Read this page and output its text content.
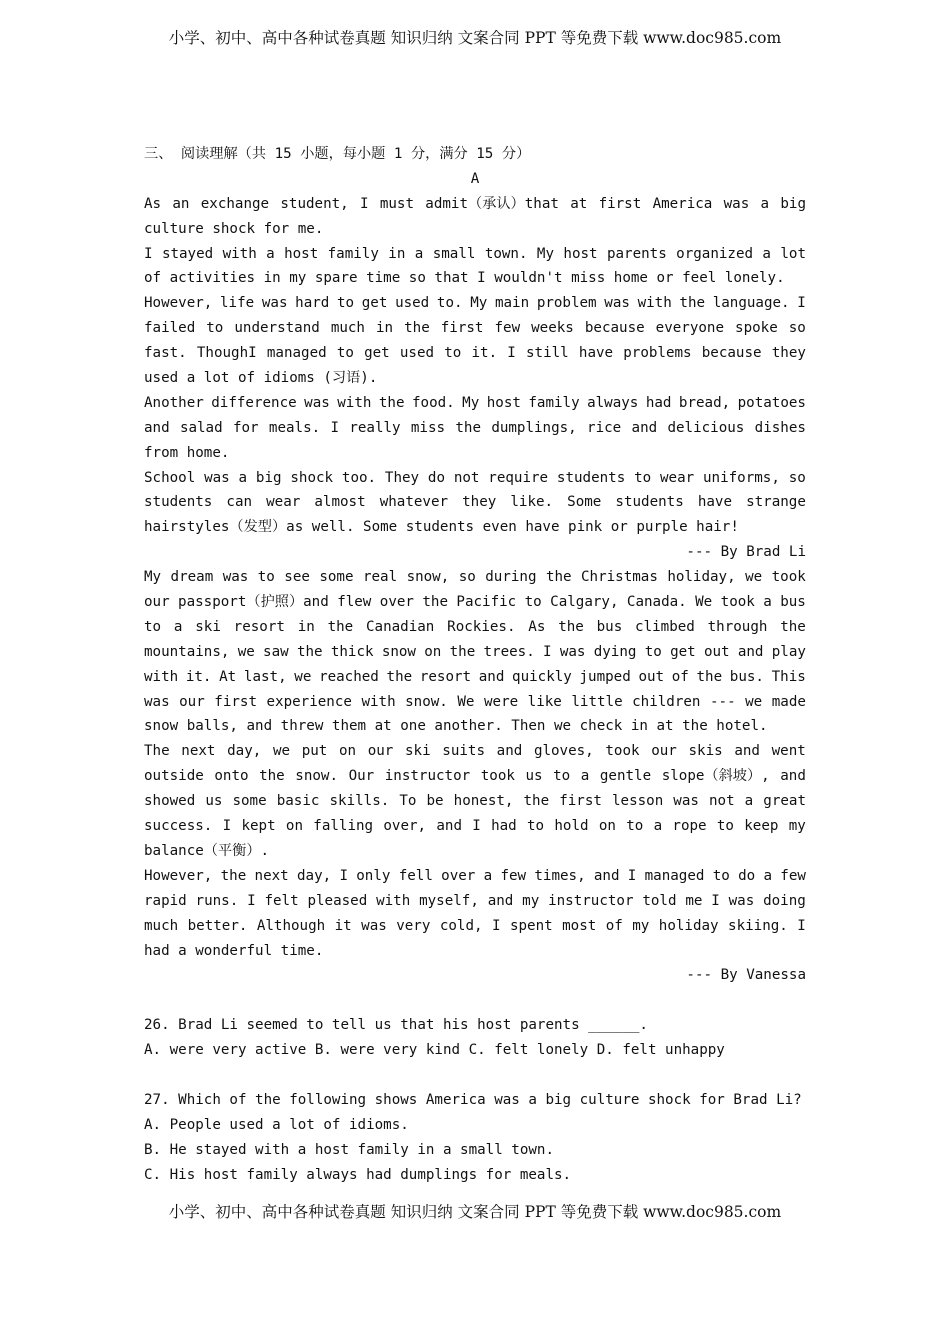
小学、初中、高中各种试卷真题 知识归纳 文案合同 PPT 等免费下载 www.doc985.com
三、 阅读理解（共 15 小题，每小题 1 分，满分 15 分）
A
As an exchange student, I must admit（承认）that at first America was a big
culture shock for me.
I stayed with a host family in a small town. My host parents organized a lot
of activities in my spare time so that I wouldn't miss home or feel lonely.
However, life was hard to get used to. My main problem was with the language. I
failed to understand much in the first few weeks because everyone spoke so
fast. ThoughI managed to get used to it. I still have problems because they
used a lot of idioms (习语).
Another difference was with the food. My host family always had bread, potatoes
and salad for meals. I really miss the dumplings, rice and delicious dishes
from home.
School was a big shock too. They do not require students to wear uniforms, so
students can wear almost whatever they like. Some students have strange
hairstyles（发型）as well. Some students even have pink or purple hair!
--- By Brad Li
My dream was to see some real snow, so during the Christmas holiday, we took
our passport（护照）and flew over the Pacific to Calgary, Canada. We took a bus
to a ski resort in the Canadian Rockies. As the bus climbed through the
mountains, we saw the thick snow on the trees. I was dying to get out and play
with it. At last, we reached the resort and quickly jumped out of the bus. This
was our first experience with snow. We were like little children --- we made
snow balls, and threw them at one another. Then we check in at the hotel.
The next day, we put on our ski suits and gloves, took our skis and went
outside onto the snow. Our instructor took us to a gentle slope（斜坡）, and
showed us some basic skills. To be honest, the first lesson was not a great
success. I kept on falling over, and I had to hold on to a rope to keep my
balance（平衡）.
However, the next day, I only fell over a few times, and I managed to do a few
rapid runs. I felt pleased with myself, and my instructor told me I was doing
much better. Although it was very cold, I spent most of my holiday skiing. I
had a wonderful time.
--- By Vanessa
26. Brad Li seemed to tell us that his host parents ______.
A. were very active B. were very kind C. felt lonely D. felt unhappy
27. Which of the following shows America was a big culture shock for Brad Li?
A. People used a lot of idioms.
B. He stayed with a host family in a small town.
C. His host family always had dumplings for meals.
小学、初中、高中各种试卷真题 知识归纳 文案合同 PPT 等免费下载 www.doc985.com
